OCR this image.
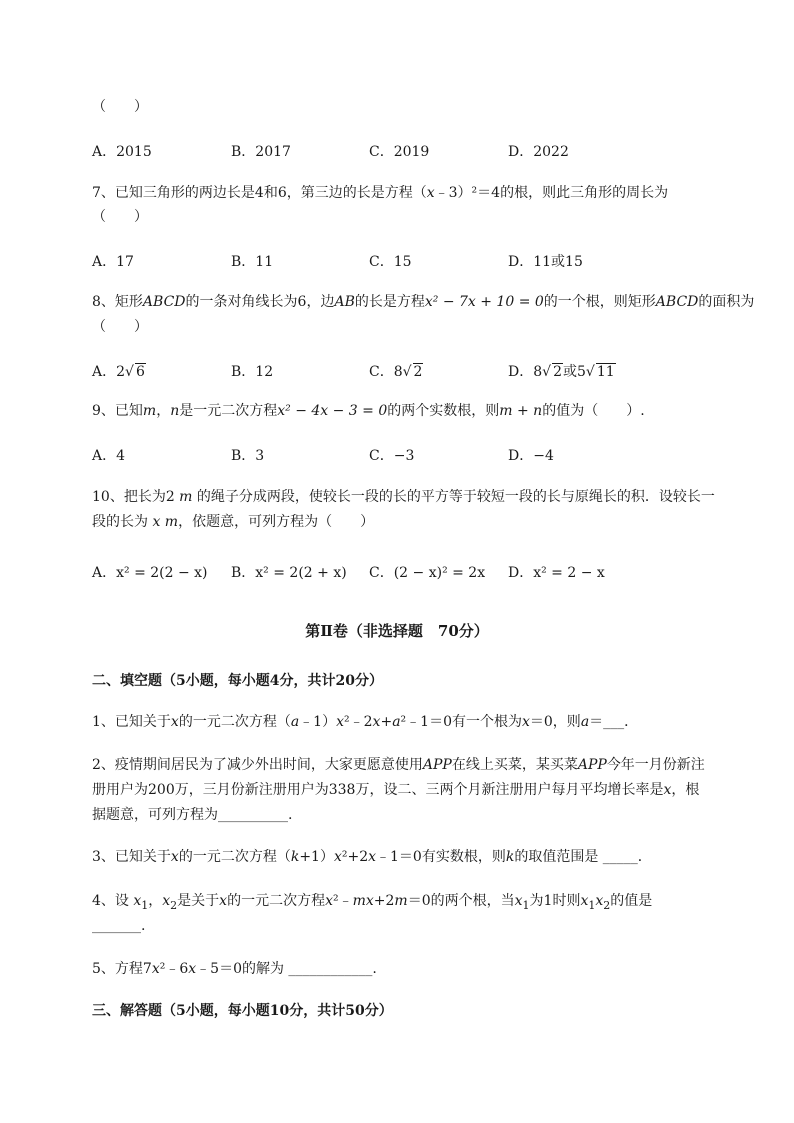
（　　）
A．2015	B．2017	C．2019	D．2022
7、已知三角形的两边长是4和6，第三边的长是方程（x﹣3）²＝4的根，则此三角形的周长为
（　　）
A．17	B．11	C．15	D．11或15
8、矩形ABCD的一条对角线长为6，边AB的长是方程x² − 7x + 10 = 0的一个根，则矩形ABCD的面积为
（　　）
A．2√ 6	B．12	C．8√ 2	D．8√ 2或5√ 11
9、已知m，n是一元二次方程x² − 4x − 3 = 0的两个实数根，则m + n的值为（　　）.
A．4	B．3	C．−3	D．−4
10、把长为2 m 的绳子分成两段，使较长一段的长的平方等于较短一段的长与原绳长的积．设较长一
段的长为 x m，依题意，可列方程为（　　）
A．x² = 2(2 − x) B．x² = 2(2 + x) C．(2 − x)² = 2x D．x² = 2 − x
第Ⅱ卷（非选择题　70分）
二、填空题（5小题，每小题4分，共计20分）
1、已知关于x的一元二次方程（a﹣1）x²﹣2x+a²﹣1＝0有一个根为x＝0，则a＝___．
2、疫情期间居民为了减少外出时间，大家更愿意使用APP在线上买菜，某买菜APP今年一月份新注
册用户为200万，三月份新注册用户为338万，设二、三两个月新注册用户每月平均增长率是x，根
据题意，可列方程为__________.
3、已知关于x的一元二次方程（k+1）x²+2x﹣1＝0有实数根，则k的取值范围是 _____．
4、设 $x_1$，$x_2$是关于x的一元二次方程x²﹣mx+2m＝0的两个根，当$x_1$为1时则$x_1x_2$的值是
_______.
5、方程7x²﹣6x﹣5＝0的解为 ____________.
三、解答题（5小题，每小题10分，共计50分）
